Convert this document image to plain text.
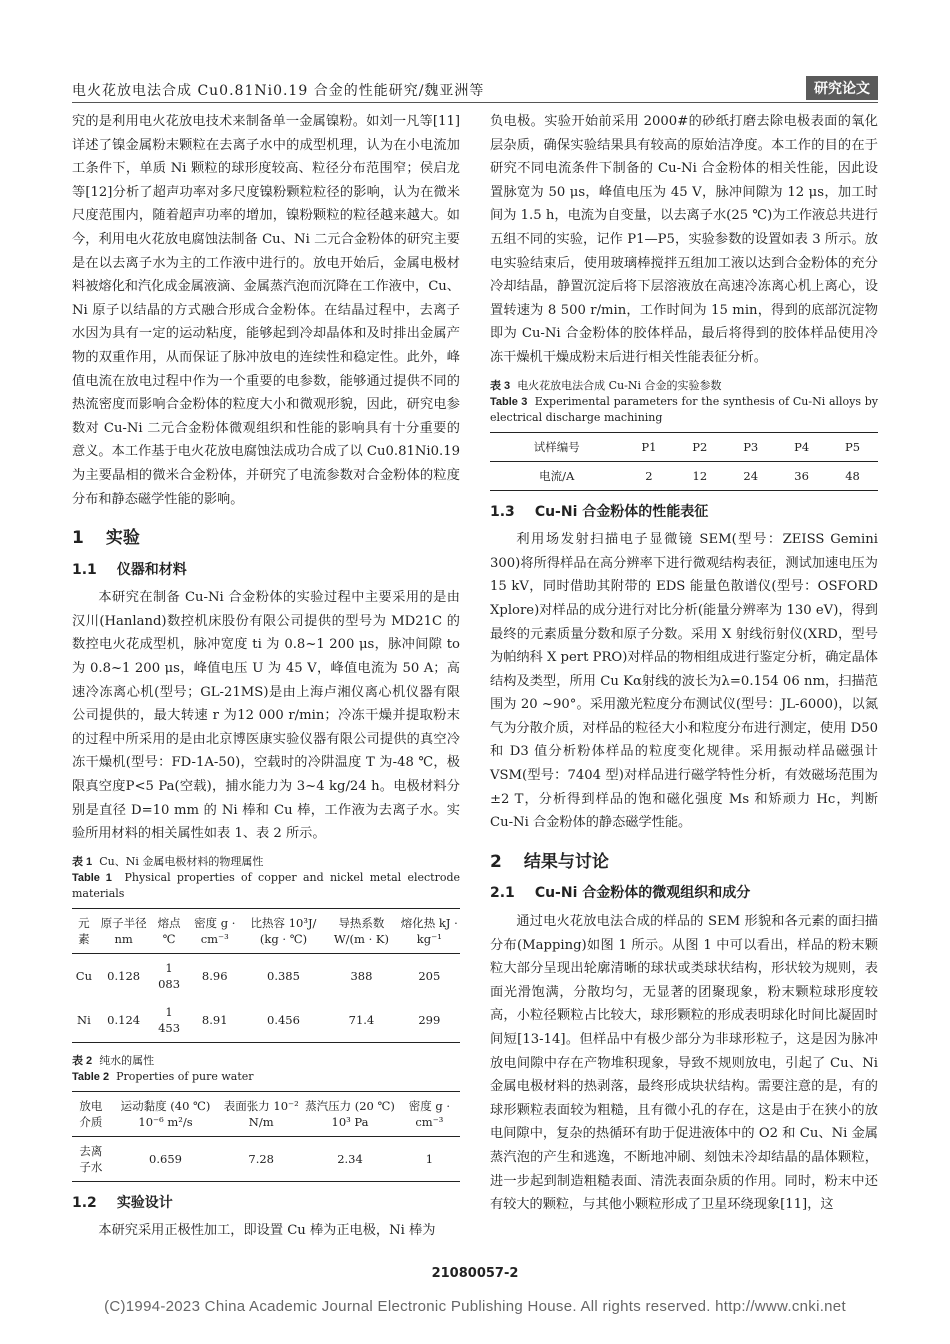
电火花放电法合成 Cu0.81Ni0.19 合金的性能研究/魏亚洲等	研究论文

究的是利用电火花放电技术来制备单一金属镍粉。如刘一凡等[11]详述了镍金属粉末颗粒在去离子水中的成型机理，认为在小电流加工条件下，单质 Ni 颗粒的球形度较高、粒径分布范围窄；侯启龙等[12]分析了超声功率对多尺度镍粉颗粒粒径的影响，认为在微米尺度范围内，随着超声功率的增加，镍粉颗粒的粒径越来越大。如今，利用电火花放电腐蚀法制备 Cu、Ni 二元合金粉体的研究主要是在以去离子水为主的工作液中进行的。放电开始后，金属电极材料被熔化和汽化成金属液滴、金属蒸汽泡而沉降在工作液中，Cu、Ni 原子以结晶的方式融合形成合金粉体。在结晶过程中，去离子水因为具有一定的运动粘度，能够起到冷却晶体和及时排出金属产物的双重作用，从而保证了脉冲放电的连续性和稳定性。此外，峰值电流在放电过程中作为一个重要的电参数，能够通过提供不同的热流密度而影响合金粉体的粒度大小和微观形貌，因此，研究电参数对 Cu-Ni 二元合金粉体微观组织和性能的影响具有十分重要的意义。本工作基于电火花放电腐蚀法成功合成了以 Cu0.81Ni0.19 为主要晶相的微米合金粉体，并研究了电流参数对合金粉体的粒度分布和静态磁学性能的影响。

1 实验
1.1 仪器和材料

本研究在制备 Cu-Ni 合金粉体的实验过程中主要采用的是由汉川(Hanland)数控机床股份有限公司提供的型号为 MD21C 的数控电火花成型机，脉冲宽度 ti 为 0.8~1 200 μs，脉冲间隙 to 为 0.8~1 200 μs，峰值电压 U 为 45 V，峰值电流为 50 A；高速冷冻离心机(型号；GL-21MS)是由上海卢湘仪离心机仪器有限公司提供的，最大转速 r 为12 000 r/min；冷冻干燥并提取粉末的过程中所采用的是由北京博医康实验仪器有限公司提供的真空冷冻干燥机(型号：FD-1A-50)，空载时的冷阱温度 T 为-48 ℃，极限真空度P<5 Pa(空载)，捕水能力为 3~4 kg/24 h。电极材料分别是直径 D=10 mm 的 Ni 棒和 Cu 棒，工作液为去离子水。实验所用材料的相关属性如表 1、表 2 所示。

表 1 Cu、Ni 金属电极材料的物理属性
Table 1 Physical properties of copper and nickel metal electrode materials
元素	原子半径 nm	熔点 ℃	密度 g · cm⁻³	比热容 10³J/ (kg · ℃)	导热系数 W/(m · K)	熔化热 kJ · kg⁻¹
Cu	0.128	1 083	8.96	0.385	388	205
Ni	0.124	1 453	8.91	0.456	71.4	299
表 2 纯水的属性
Table 2 Properties of pure water
放电介质	运动黏度 (40 ℃) 10⁻⁶ m²/s	表面张力 10⁻² N/m	蒸汽压力 (20 ℃) 10³ Pa	密度 g · cm⁻³
去离子水	0.659	7.28	2.34	1
1.2 实验设计

本研究采用正极性加工，即设置 Cu 棒为正电极，Ni 棒为

负电极。实验开始前采用 2000#的砂纸打磨去除电极表面的氧化层杂质，确保实验结果具有较高的原始洁净度。本工作的目的在于研究不同电流条件下制备的 Cu-Ni 合金粉体的相关性能，因此设置脉宽为 50 μs，峰值电压为 45 V，脉冲间隙为 12 μs，加工时间为 1.5 h，电流为自变量，以去离子水(25 ℃)为工作液总共进行五组不同的实验，记作 P1—P5，实验参数的设置如表 3 所示。放电实验结束后，使用玻璃棒搅拌五组加工液以达到合金粉体的充分冷却结晶，静置沉淀后将下层溶液放在高速冷冻离心机上离心，设置转速为 8 500 r/min，工作时间为 15 min，得到的底部沉淀物即为 Cu-Ni 合金粉体的胶体样品，最后将得到的胶体样品使用冷冻干燥机干燥成粉末后进行相关性能表征分析。

表 3 电火花放电法合成 Cu-Ni 合金的实验参数
Table 3 Experimental parameters for the synthesis of Cu-Ni alloys by electrical discharge machining
试样编号	P1	P2	P3	P4	P5
电流/A	2	12	24	36	48
1.3 Cu-Ni 合金粉体的性能表征

利用场发射扫描电子显微镜 SEM(型号：ZEISS Gemini 300)将所得样品在高分辨率下进行微观结构表征，测试加速电压为 15 kV，同时借助其附带的 EDS 能量色散谱仪(型号：OSFORD Xplore)对样品的成分进行对比分析(能量分辨率为 130 eV)，得到最终的元素质量分数和原子分数。采用 X 射线衍射仪(XRD，型号为帕纳科 X pert PRO)对样品的物相组成进行鉴定分析，确定晶体结构及类型，所用 Cu Kα射线的波长为λ=0.154 06 nm，扫描范围为 20 ~90°。采用激光粒度分布测试仪(型号：JL-6000)，以氮气为分散介质，对样品的粒径大小和粒度分布进行测定，使用 D50 和 D3 值分析粉体样品的粒度变化规律。采用振动样品磁强计 VSM(型号：7404 型)对样品进行磁学特性分析，有效磁场范围为±2 T，分析得到样品的饱和磁化强度 Ms 和矫顽力 Hc，判断 Cu-Ni 合金粉体的静态磁学性能。

2 结果与讨论
2.1 Cu-Ni 合金粉体的微观组织和成分

通过电火花放电法合成的样品的 SEM 形貌和各元素的面扫描分布(Mapping)如图 1 所示。从图 1 中可以看出，样品的粉末颗粒大部分呈现出轮廓清晰的球状或类球状结构，形状较为规则，表面光滑饱满，分散均匀，无显著的团聚现象，粉末颗粒球形度较高，小粒径颗粒占比较大，球形颗粒的形成表明球化时间比凝固时间短[13-14]。但样品中有极少部分为非球形粒子，这是因为脉冲放电间隙中存在产物堆积现象，导致不规则放电，引起了 Cu、Ni 金属电极材料的热剥落，最终形成块状结构。需要注意的是，有的球形颗粒表面较为粗糙，且有微小孔的存在，这是由于在狭小的放电间隙中，复杂的热循环有助于促进液体中的 O2 和 Cu、Ni 金属蒸汽泡的产生和逃逸，不断地冲刷、刻蚀未冷却结晶的晶体颗粒，进一步起到制造粗糙表面、清洗表面杂质的作用。同时，粉末中还有较大的颗粒，与其他小颗粒形成了卫星环绕现象[11]，这

21080057-2
(C)1994-2023 China Academic Journal Electronic Publishing House. All rights reserved. http://www.cnki.net
